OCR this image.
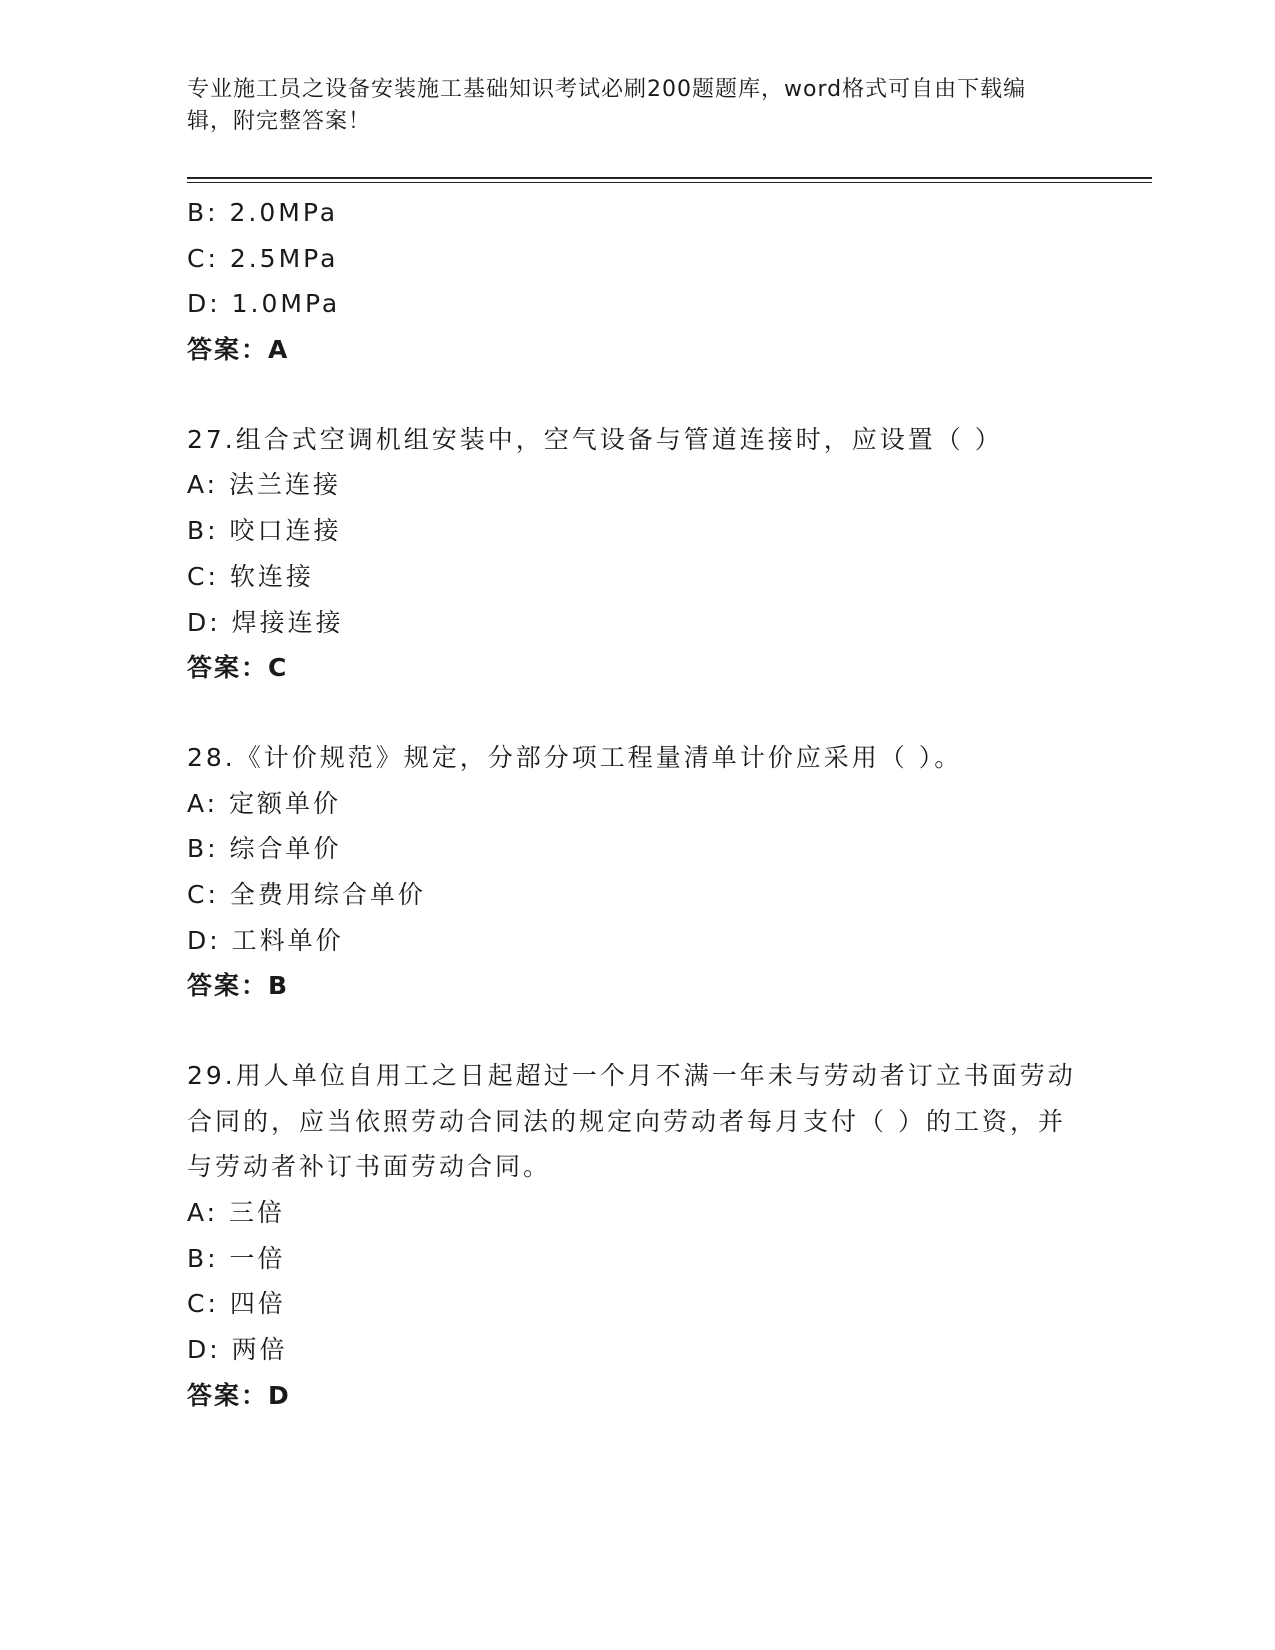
专业施工员之设备安装施工基础知识考试必刷200题题库，word格式可自由下载编辑，附完整答案！
B: 2.0MPa
C: 2.5MPa
D: 1.0MPa
答案：A
27.组合式空调机组安装中，空气设备与管道连接时，应设置（ ）
A: 法兰连接
B: 咬口连接
C: 软连接
D: 焊接连接
答案：C
28.《计价规范》规定，分部分项工程量清单计价应采用（ ）。
A: 定额单价
B: 综合单价
C: 全费用综合单价
D: 工料单价
答案：B
29.用人单位自用工之日起超过一个月不满一年未与劳动者订立书面劳动合同的，应当依照劳动合同法的规定向劳动者每月支付（ ）的工资，并与劳动者补订书面劳动合同。
A: 三倍
B: 一倍
C: 四倍
D: 两倍
答案：D
